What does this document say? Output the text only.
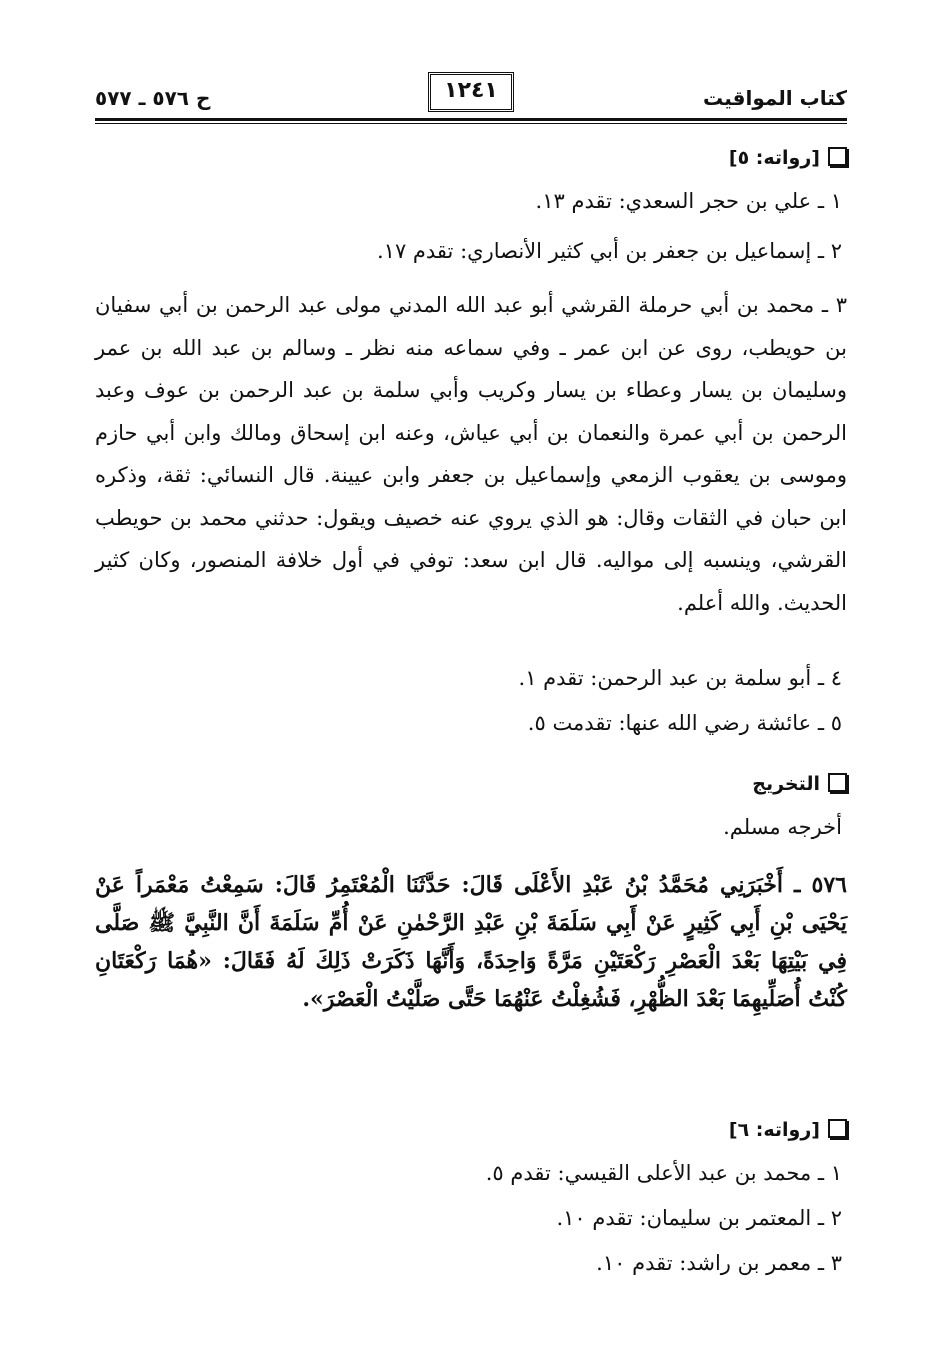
كتاب المواقيت
١٢٤١
ح ٥٧٦ ـ ٥٧٧
[رواته: ٥]
١ ـ علي بن حجر السعدي: تقدم ١٣.
٢ ـ إسماعيل بن جعفر بن أبي كثير الأنصاري: تقدم ١٧.
٣ ـ محمد بن أبي حرملة القرشي أبو عبد الله المدني مولى عبد الرحمن بن أبي سفيان بن حويطب، روى عن ابن عمر ـ وفي سماعه منه نظر ـ وسالم بن عبد الله بن عمر وسليمان بن يسار وعطاء بن يسار وكريب وأبي سلمة بن عبد الرحمن بن عوف وعبد الرحمن بن أبي عمرة والنعمان بن أبي عياش، وعنه ابن إسحاق ومالك وابن أبي حازم وموسى بن يعقوب الزمعي وإسماعيل بن جعفر وابن عيينة. قال النسائي: ثقة، وذكره ابن حبان في الثقات وقال: هو الذي يروي عنه خصيف ويقول: حدثني محمد بن حويطب القرشي، وينسبه إلى مواليه. قال ابن سعد: توفي في أول خلافة المنصور، وكان كثير الحديث. والله أعلم.
٤ ـ أبو سلمة بن عبد الرحمن: تقدم ١.
٥ ـ عائشة رضي الله عنها: تقدمت ٥.
التخريج
أخرجه مسلم.
٥٧٦ ـ أَخْبَرَنِي مُحَمَّدُ بْنُ عَبْدِ الأَعْلَى قَالَ: حَدَّثَنَا الْمُعْتَمِرُ قَالَ: سَمِعْتُ مَعْمَراً عَنْ يَحْيَى بْنِ أَبِي كَثِيرٍ عَنْ أَبِي سَلَمَةَ بْنِ عَبْدِ الرَّحْمٰنِ عَنْ أُمِّ سَلَمَةَ أَنَّ النَّبِيَّ ﷺ صَلَّى فِي بَيْتِهَا بَعْدَ الْعَصْرِ رَكْعَتَيْنِ مَرَّةً وَاحِدَةً، وَأَنَّهَا ذَكَرَتْ ذَلِكَ لَهُ فَقَالَ: «هُمَا رَكْعَتَانِ كُنْتُ أُصَلِّيهِمَا بَعْدَ الظُّهْرِ، فَشُغِلْتُ عَنْهُمَا حَتَّى صَلَّيْتُ الْعَصْرَ».
[رواته: ٦]
١ ـ محمد بن عبد الأعلى القيسي: تقدم ٥.
٢ ـ المعتمر بن سليمان: تقدم ١٠.
٣ ـ معمر بن راشد: تقدم ١٠.
